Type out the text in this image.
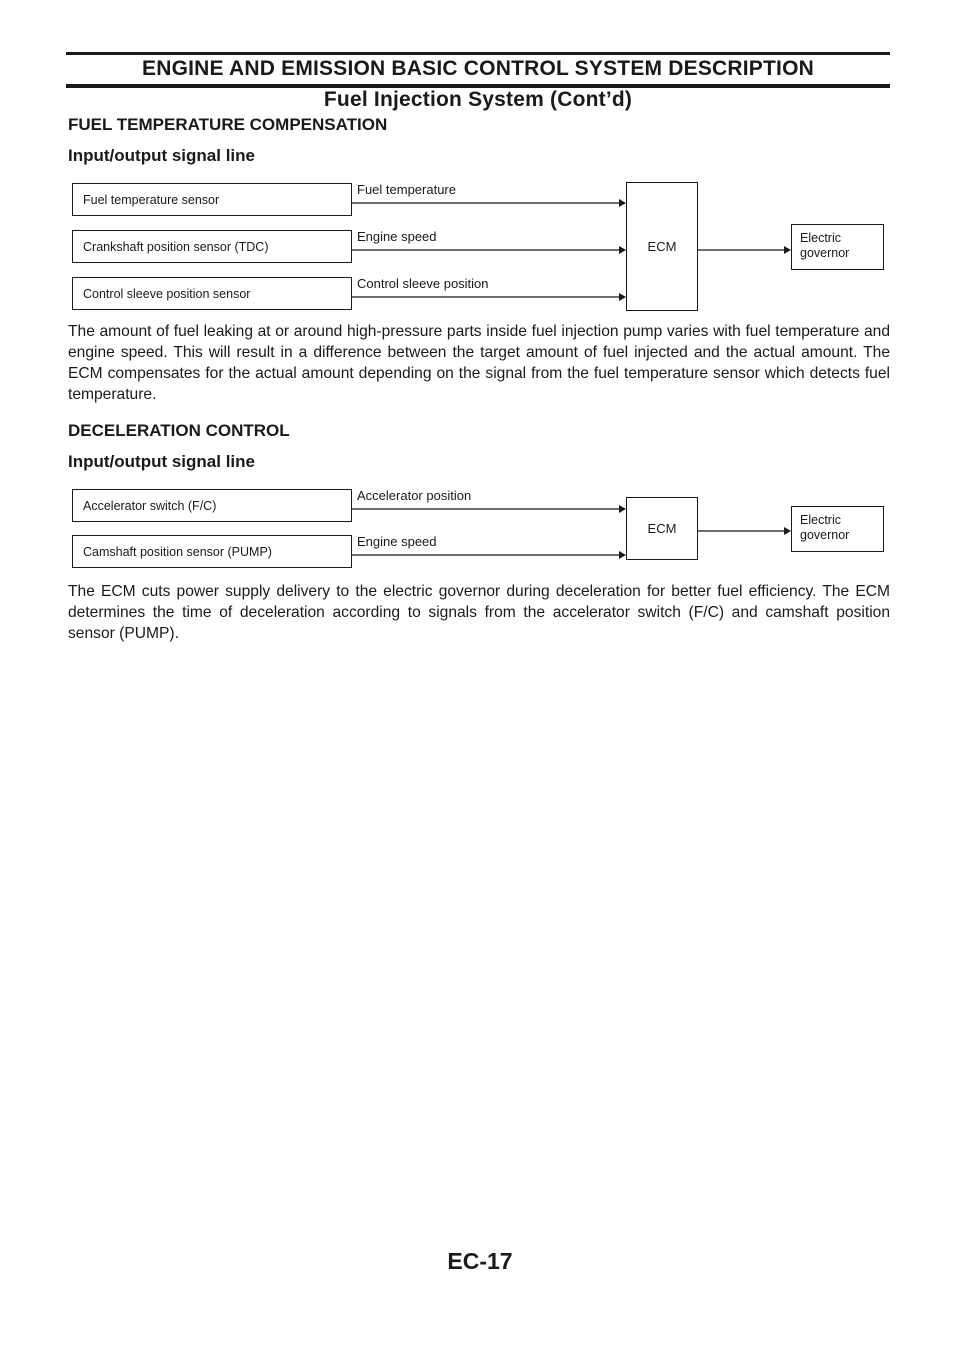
ENGINE AND EMISSION BASIC CONTROL SYSTEM DESCRIPTION
Fuel Injection System (Cont’d)
FUEL TEMPERATURE COMPENSATION
Input/output signal line
Fuel temperature sensor
Crankshaft position sensor (TDC)
Control sleeve position sensor
Fuel temperature
Engine speed
Control sleeve position
ECM
Electric
governor

The amount of fuel leaking at or around high-pressure parts inside fuel injection pump varies with fuel temperature and engine speed. This will result in a difference between the target amount of fuel injected and the actual amount. The ECM compensates for the actual amount depending on the signal from the fuel temperature sensor which detects fuel temperature.

DECELERATION CONTROL
Input/output signal line
Accelerator switch (F/C)
Camshaft position sensor (PUMP)
Accelerator position
Engine speed
ECM
Electric
governor

The ECM cuts power supply delivery to the electric governor during deceleration for better fuel efficiency. The ECM determines the time of deceleration according to signals from the accelerator switch (F/C) and camshaft position sensor (PUMP).

EC-17
